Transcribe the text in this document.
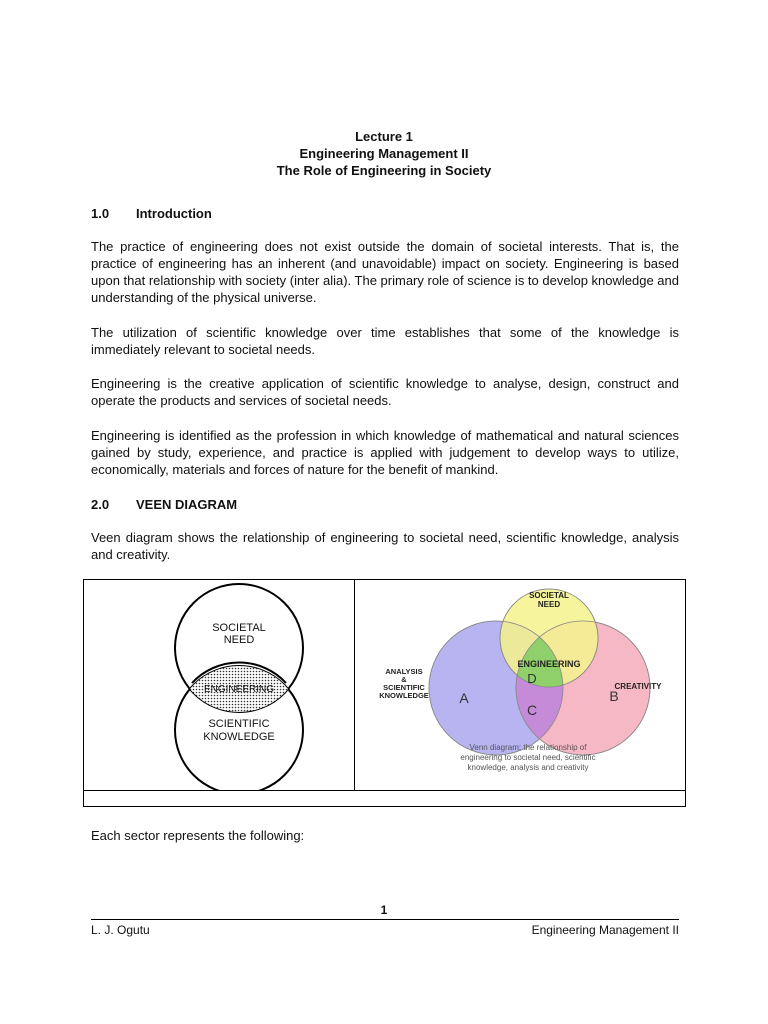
Lecture 1
Engineering Management II
The Role of Engineering in Society
1.0 Introduction
The practice of engineering does not exist outside the domain of societal interests. That is, the practice of engineering has an inherent (and unavoidable) impact on society. Engineering is based upon that relationship with society (inter alia). The primary role of science is to develop knowledge and understanding of the physical universe.
The utilization of scientific knowledge over time establishes that some of the knowledge is immediately relevant to societal needs.
Engineering is the creative application of scientific knowledge to analyse, design, construct and operate the products and services of societal needs.
Engineering is identified as the profession in which knowledge of mathematical and natural sciences gained by study, experience, and practice is applied with judgement to develop ways to utilize, economically, materials and forces of nature for the benefit of mankind.
2.0 VEEN DIAGRAM
Veen diagram shows the relationship of engineering to societal need, scientific knowledge, analysis and creativity.
SOCIETAL
NEED
ENGINEERING
SCIENTIFIC
KNOWLEDGE
SOCIETAL
NEED
ANALYSIS
&
SCIENTIFIC
KNOWLEDGE
CREATIVITY
ENGINEERING
A	B
C
D
Venn diagram: the relationship of
engineering to societal need, scientific
knowledge, analysis and creativity
Each sector represents the following:
1
L. J. Ogutu	Engineering Management II
